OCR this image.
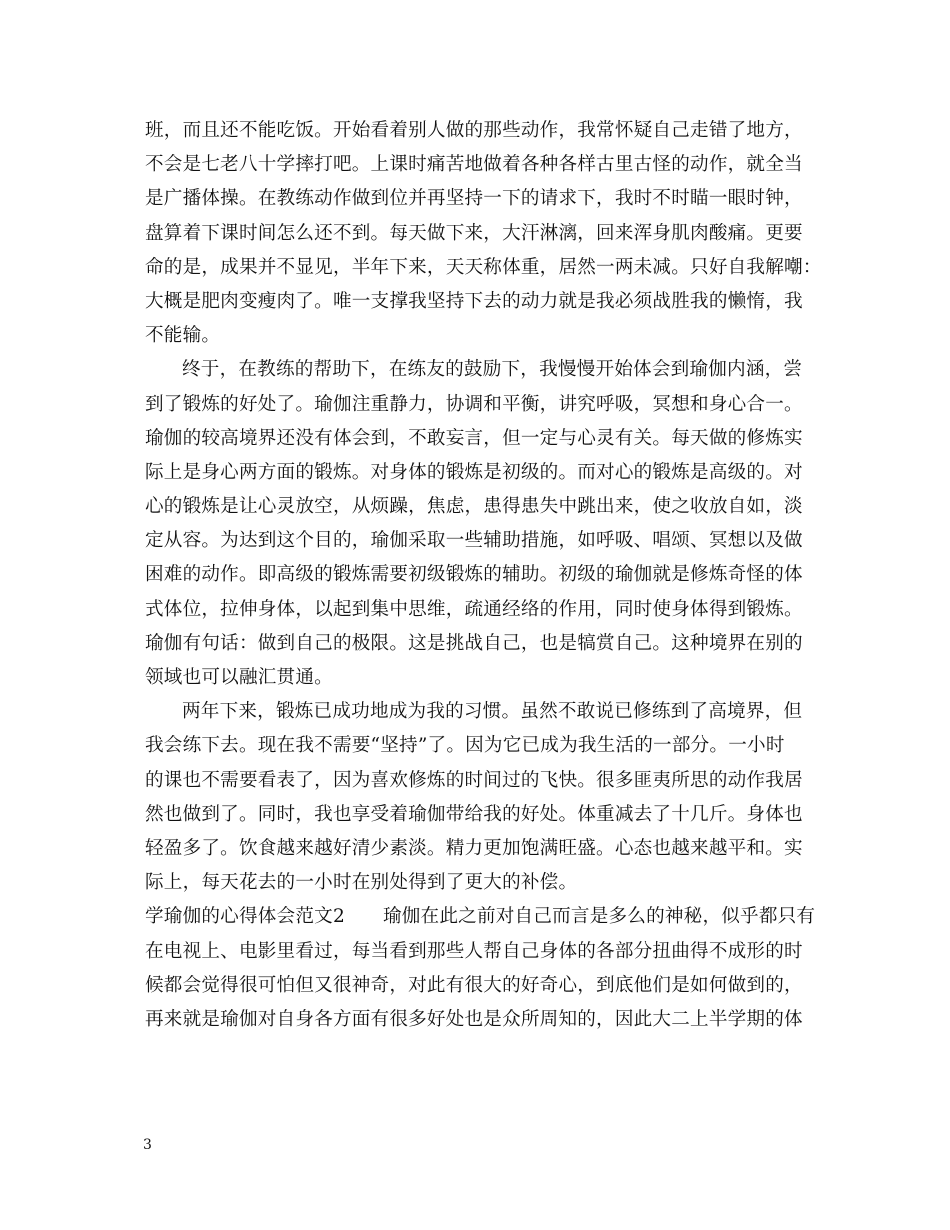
班，而且还不能吃饭。开始看着别人做的那些动作，我常怀疑自己走错了地方，
不会是七老八十学摔打吧。上课时痛苦地做着各种各样古里古怪的动作，就全当
是广播体操。在教练动作做到位并再坚持一下的请求下，我时不时瞄一眼时钟，
盘算着下课时间怎么还不到。每天做下来，大汗淋漓，回来浑身肌肉酸痛。更要
命的是，成果并不显见，半年下来，天天称体重，居然一两未减。只好自我解嘲：
大概是肥肉变瘦肉了。唯一支撑我坚持下去的动力就是我必须战胜我的懒惰，我
不能输。
终于，在教练的帮助下，在练友的鼓励下，我慢慢开始体会到瑜伽内涵，尝
到了锻炼的好处了。瑜伽注重静力，协调和平衡，讲究呼吸，冥想和身心合一。
瑜伽的较高境界还没有体会到，不敢妄言，但一定与心灵有关。每天做的修炼实
际上是身心两方面的锻炼。对身体的锻炼是初级的。而对心的锻炼是高级的。对
心的锻炼是让心灵放空，从烦躁，焦虑，患得患失中跳出来，使之收放自如，淡
定从容。为达到这个目的，瑜伽采取一些辅助措施，如呼吸、唱颂、冥想以及做
困难的动作。即高级的锻炼需要初级锻炼的辅助。初级的瑜伽就是修炼奇怪的体
式体位，拉伸身体，以起到集中思维，疏通经络的作用，同时使身体得到锻炼。
瑜伽有句话：做到自己的极限。这是挑战自己，也是犒赏自己。这种境界在别的
领域也可以融汇贯通。
两年下来，锻炼已成功地成为我的习惯。虽然不敢说已修练到了高境界，但
我会练下去。现在我不需要“坚持”了。因为它已成为我生活的一部分。一小时
的课也不需要看表了，因为喜欢修炼的时间过的飞快。很多匪夷所思的动作我居
然也做到了。同时，我也享受着瑜伽带给我的好处。体重减去了十几斤。身体也
轻盈多了。饮食越来越好清少素淡。精力更加饱满旺盛。心态也越来越平和。实
际上，每天花去的一小时在别处得到了更大的补偿。
学瑜伽的心得体会范文2 瑜伽在此之前对自己而言是多么的神秘，似乎都只有
在电视上、电影里看过，每当看到那些人帮自己身体的各部分扭曲得不成形的时
候都会觉得很可怕但又很神奇，对此有很大的好奇心，到底他们是如何做到的，
再来就是瑜伽对自身各方面有很多好处也是众所周知的，因此大二上半学期的体
3
